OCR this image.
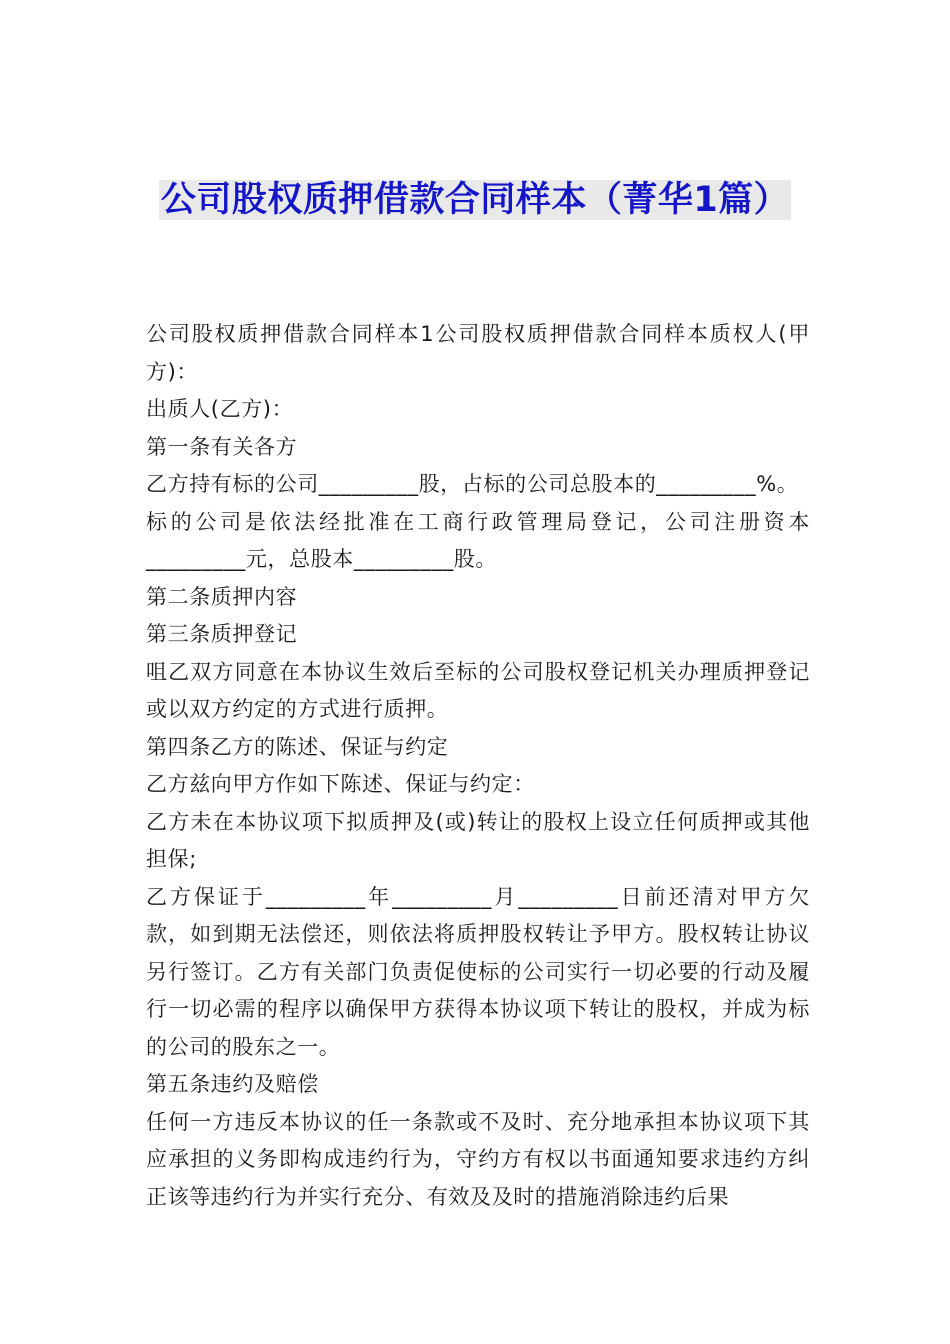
公司股权质押借款合同样本（菁华1篇）

公司股权质押借款合同样本1公司股权质押借款合同样本质权人(甲方)：

出质人(乙方)：

第一条有关各方

乙方持有标的公司_________股，占标的公司总股本的_________%。

标的公司是依法经批准在工商行政管理局登记，公司注册资本_________元，总股本_________股。

第二条质押内容

第三条质押登记

咀乙双方同意在本协议生效后至标的公司股权登记机关办理质押登记或以双方约定的方式进行质押。

第四条乙方的陈述、保证与约定

乙方兹向甲方作如下陈述、保证与约定：

乙方未在本协议项下拟质押及(或)转让的股权上设立任何质押或其他担保;

乙方保证于_________年_________月_________日前还清对甲方欠款，如到期无法偿还，则依法将质押股权转让予甲方。股权转让协议另行签订。乙方有关部门负责促使标的公司实行一切必要的行动及履行一切必需的程序以确保甲方获得本协议项下转让的股权，并成为标的公司的股东之一。

第五条违约及赔偿

任何一方违反本协议的任一条款或不及时、充分地承担本协议项下其应承担的义务即构成违约行为，守约方有权以书面通知要求违约方纠正该等违约行为并实行充分、有效及及时的措施消除违约后果
